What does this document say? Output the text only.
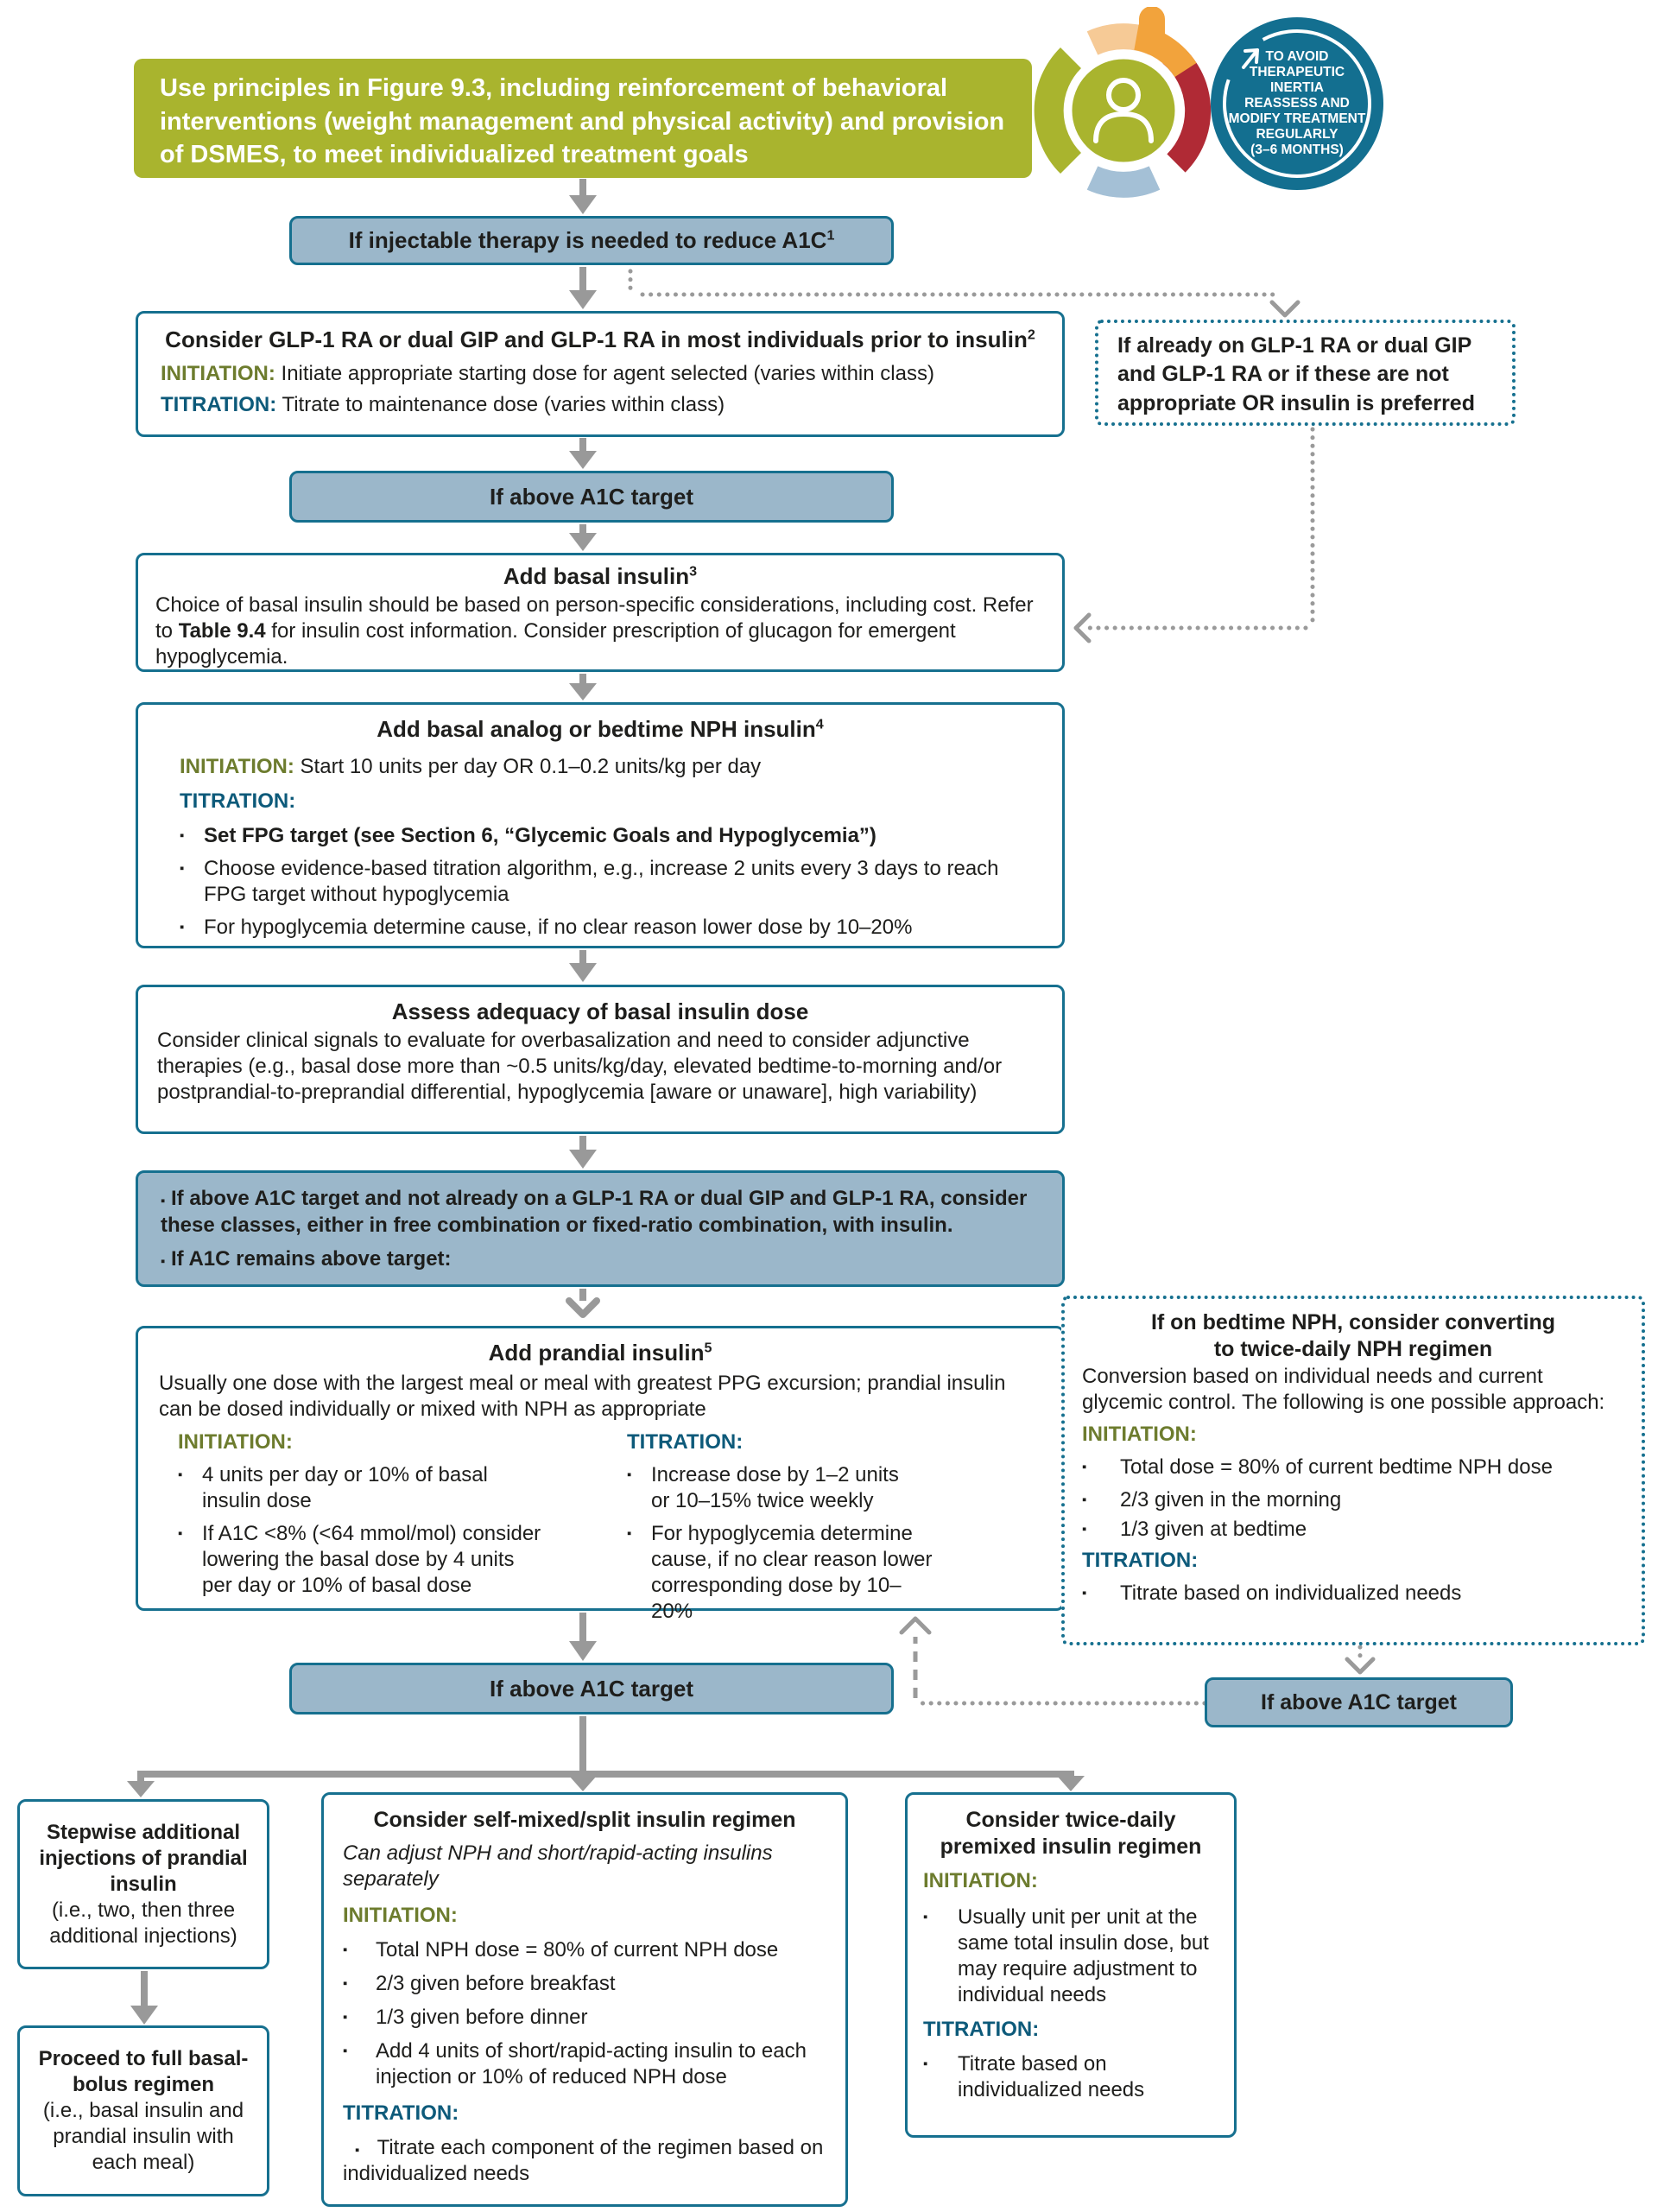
Use principles in Figure 9.3, including reinforcement of behavioral interventions (weight management and physical activity) and provision of DSMES, to meet individualized treatment goals
TO AVOID
THERAPEUTIC
INERTIA
REASSESS AND
MODIFY TREATMENT
REGULARLY
(3–6 MONTHS)
If injectable therapy is needed to reduce $A1C^1$
Consider GLP-1 RA or dual GIP and GLP-1 RA in most individuals prior to insulin$^2$
INITIATION: Initiate appropriate starting dose for agent selected (varies within class)
TITRATION: Titrate to maintenance dose (varies within class)
If already on GLP-1 RA or dual GIP and GLP-1 RA or if these are not appropriate OR insulin is preferred
If above A1C target
Add basal insulin$^3$
Choice of basal insulin should be based on person-specific considerations, including cost. Refer to Table 9.4 for insulin cost information. Consider prescription of glucagon for emergent hypoglycemia.
Add basal analog or bedtime NPH insulin$^4$
INITIATION: Start 10 units per day OR 0.1–0.2 units/kg per day
TITRATION:
▪ Set FPG target (see Section 6, “Glycemic Goals and Hypoglycemia”)
▪ Choose evidence-based titration algorithm, e.g., increase 2 units every 3 days to reach FPG target without hypoglycemia
▪ For hypoglycemia determine cause, if no clear reason lower dose by 10–20%
Assess adequacy of basal insulin dose
Consider clinical signals to evaluate for overbasalization and need to consider adjunctive therapies (e.g., basal dose more than ~0.5 units/kg/day, elevated bedtime-to-morning and/or postprandial-to-preprandial differential, hypoglycemia [aware or unaware], high variability)
▪ If above A1C target and not already on a GLP-1 RA or dual GIP and GLP-1 RA, consider these classes, either in free combination or fixed-ratio combination, with insulin.
▪ If A1C remains above target:
Add prandial insulin$^5$
Usually one dose with the largest meal or meal with greatest PPG excursion; prandial insulin can be dosed individually or mixed with NPH as appropriate
INITIATION:
▪ 4 units per day or 10% of basal insulin dose
▪ If A1C <8% (<64 mmol/mol) consider lowering the basal dose by 4 units per day or 10% of basal dose
TITRATION:
▪ Increase dose by 1–2 units or 10–15% twice weekly
▪ For hypoglycemia determine cause, if no clear reason lower corresponding dose by 10–20%
If on bedtime NPH, consider converting
to twice-daily NPH regimen
Conversion based on individual needs and current glycemic control. The following is one possible approach:
INITIATION:
▪	Total dose = 80% of current bedtime NPH dose
▪	2/3 given in the morning
▪	1/3 given at bedtime
TITRATION:
▪	Titrate based on individualized needs
If above A1C target
If above A1C target
Stepwise additional injections of prandial insulin
(i.e., two, then three additional injections)
Proceed to full basal-bolus regimen
(i.e., basal insulin and prandial insulin with each meal)
Consider self-mixed/split insulin regimen
Can adjust NPH and short/rapid-acting insulins separately
INITIATION:
▪	Total NPH dose = 80% of current NPH dose
▪	2/3 given before breakfast
▪	1/3 given before dinner
▪	Add 4 units of short/rapid-acting insulin to each injection or 10% of reduced NPH dose
TITRATION:
▪ Titrate each component of the regimen based on individualized needs
Consider twice-daily
premixed insulin regimen
INITIATION:
▪	Usually unit per unit at the same total insulin dose, but may require adjustment to individual needs
TITRATION:
▪	Titrate based on individualized needs
